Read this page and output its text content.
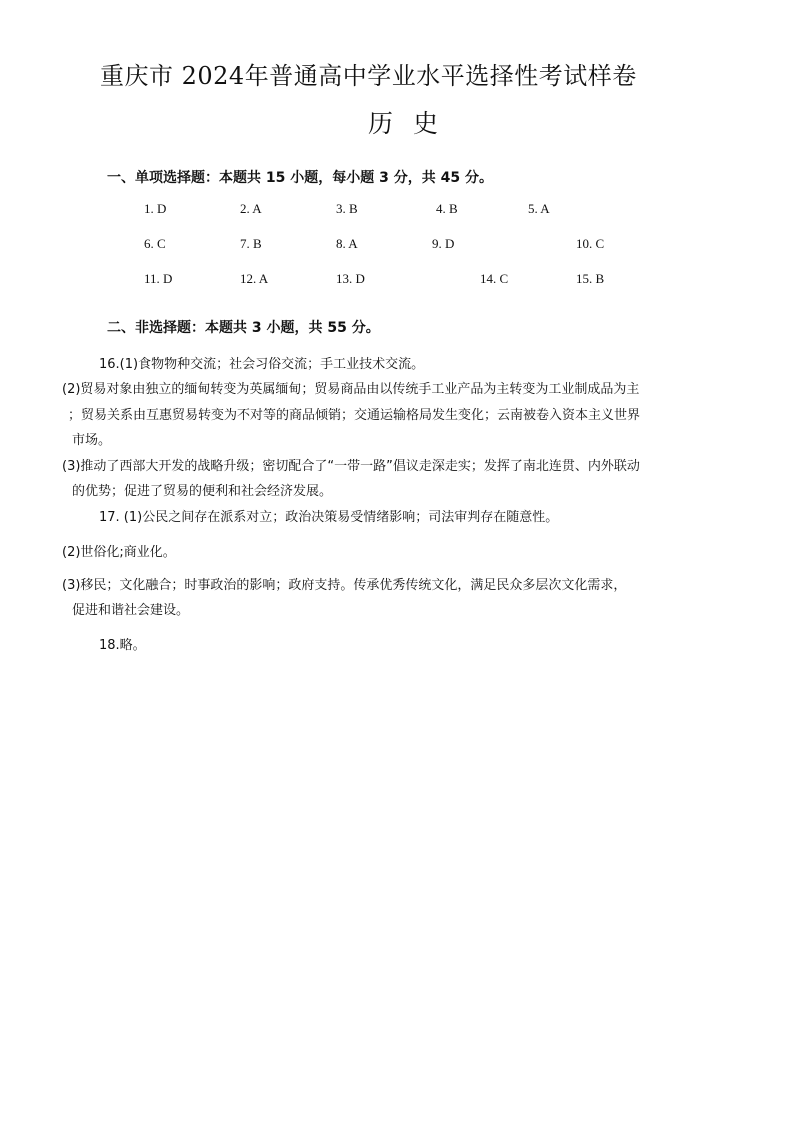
重庆市 2024年普通高中学业水平选择性考试样卷
历 史
一、单项选择题：本题共 15 小题，每小题 3 分，共 45 分。
1. D	2. A	3. B	4. B	5. A
6. C	7. B	8. A	9. D	10. C
11. D	12. A	13. D	14. C	15. B
二、非选择题：本题共 3 小题，共 55 分。
16.(1)食物物种交流；社会习俗交流；手工业技术交流。
(2)贸易对象由独立的缅甸转变为英属缅甸；贸易商品由以传统手工业产品为主转变为工业制成品为主
；贸易关系由互惠贸易转变为不对等的商品倾销；交通运输格局发生变化；云南被卷入资本主义世界
市场。
(3)推动了西部大开发的战略升级；密切配合了“一带一路”倡议走深走实；发挥了南北连贯、内外联动
的优势；促进了贸易的便利和社会经济发展。
17. (1)公民之间存在派系对立；政治决策易受情绪影响；司法审判存在随意性。
(2)世俗化;商业化。
(3)移民；文化融合；时事政治的影响；政府支持。传承优秀传统文化，满足民众多层次文化需求，
促进和谐社会建设。
18.略。
